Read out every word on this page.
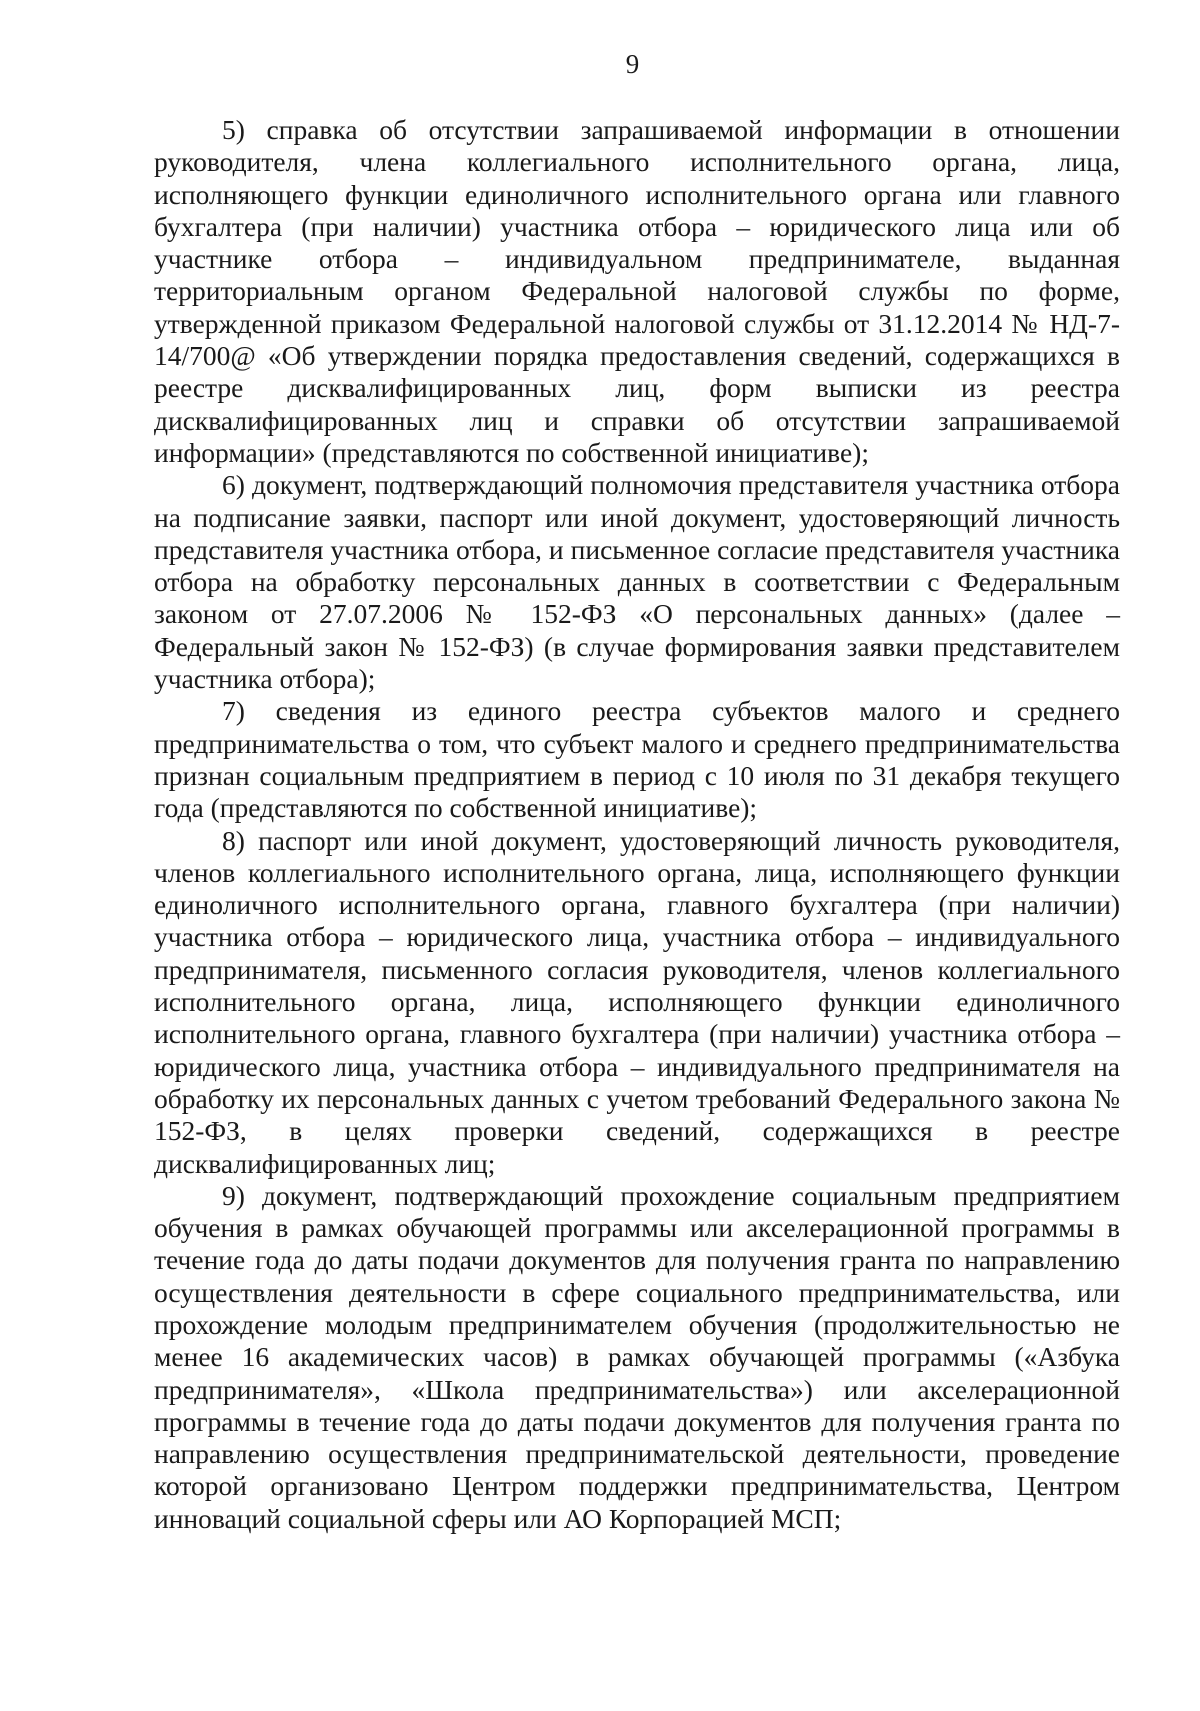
9

5) справка об отсутствии запрашиваемой информации в отношении руководителя, члена коллегиального исполнительного органа, лица, исполняющего функции единоличного исполнительного органа или главного бухгалтера (при наличии) участника отбора – юридического лица или об участнике отбора – индивидуальном предпринимателе, выданная территориальным органом Федеральной налоговой службы по форме, утвержденной приказом Федеральной налоговой службы от 31.12.2014 № НД-7-14/700@ «Об утверждении порядка предоставления сведений, содержащихся в реестре дисквалифицированных лиц, форм выписки из реестра дисквалифицированных лиц и справки об отсутствии запрашиваемой информации» (представляются по собственной инициативе);

6) документ, подтверждающий полномочия представителя участника отбора на подписание заявки, паспорт или иной документ, удостоверяющий личность представителя участника отбора, и письменное согласие представителя участника отбора на обработку персональных данных в соответствии с Федеральным законом от 27.07.2006 № 152-ФЗ «О персональных данных» (далее – Федеральный закон № 152-ФЗ) (в случае формирования заявки представителем участника отбора);

7) сведения из единого реестра субъектов малого и среднего предпринимательства о том, что субъект малого и среднего предпринимательства признан социальным предприятием в период с 10 июля по 31 декабря текущего года (представляются по собственной инициативе);

8) паспорт или иной документ, удостоверяющий личность руководителя, членов коллегиального исполнительного органа, лица, исполняющего функции единоличного исполнительного органа, главного бухгалтера (при наличии) участника отбора – юридического лица, участника отбора – индивидуального предпринимателя, письменного согласия руководителя, членов коллегиального исполнительного органа, лица, исполняющего функции единоличного исполнительного органа, главного бухгалтера (при наличии) участника отбора – юридического лица, участника отбора – индивидуального предпринимателя на обработку их персональных данных с учетом требований Федерального закона № 152-ФЗ, в целях проверки сведений, содержащихся в реестре дисквалифицированных лиц;

9) документ, подтверждающий прохождение социальным предприятием обучения в рамках обучающей программы или акселерационной программы в течение года до даты подачи документов для получения гранта по направлению осуществления деятельности в сфере социального предпринимательства, или прохождение молодым предпринимателем обучения (продолжительностью не менее 16 академических часов) в рамках обучающей программы («Азбука предпринимателя», «Школа предпринимательства») или акселерационной программы в течение года до даты подачи документов для получения гранта по направлению осуществления предпринимательской деятельности, проведение которой организовано Центром поддержки предпринимательства, Центром инноваций социальной сферы или АО Корпорацией МСП;
